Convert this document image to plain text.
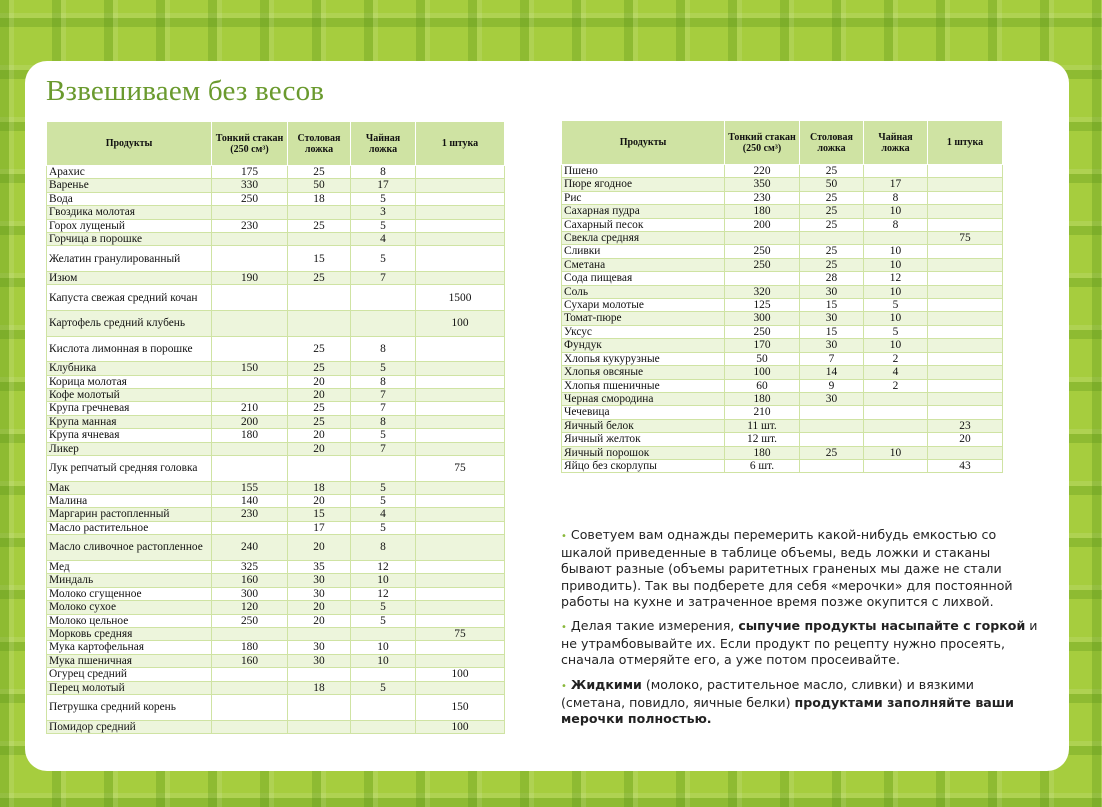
Взвешиваем без весов
Продукты	Тонкий стакан (250 см³)	Столовая ложка	Чайная ложка	1 штука
Арахис	175	25	8	
Варенье	330	50	17	
Вода	250	18	5	
Гвоздика молотая			3	
Горох лущеный	230	25	5	
Горчица в порошке			4	
Желатин гранулированный		15	5	
Изюм	190	25	7	
Капуста свежая средний кочан				1500
Картофель средний клубень				100
Кислота лимонная в порошке		25	8	
Клубника	150	25	5	
Корица молотая		20	8	
Кофе молотый		20	7	
Крупа гречневая	210	25	7	
Крупа манная	200	25	8	
Крупа ячневая	180	20	5	
Ликер		20	7	
Лук репчатый средняя головка				75
Мак	155	18	5	
Малина	140	20	5	
Маргарин растопленный	230	15	4	
Масло растительное		17	5	
Масло сливочное растопленное	240	20	8	
Мед	325	35	12	
Миндаль	160	30	10	
Молоко сгущенное	300	30	12	
Молоко сухое	120	20	5	
Молоко цельное	250	20	5	
Морковь средняя				75
Мука картофельная	180	30	10	
Мука пшеничная	160	30	10	
Огурец средний				100
Перец молотый		18	5	
Петрушка средний корень				150
Помидор средний				100
Продукты	Тонкий стакан (250 см³)	Столовая ложка	Чайная ложка	1 штука
Пшено	220	25		
Пюре ягодное	350	50	17	
Рис	230	25	8	
Сахарная пудра	180	25	10	
Сахарный песок	200	25	8	
Свекла средняя				75
Сливки	250	25	10	
Сметана	250	25	10	
Сода пищевая		28	12	
Соль	320	30	10	
Сухари молотые	125	15	5	
Томат-пюре	300	30	10	
Уксус	250	15	5	
Фундук	170	30	10	
Хлопья кукурузные	50	7	2	
Хлопья овсяные	100	14	4	
Хлопья пшеничные	60	9	2	
Черная смородина	180	30		
Чечевица	210			
Яичный белок	11 шт.			23
Яичный желток	12 шт.			20
Яичный порошок	180	25	10	
Яйцо без скорлупы	6 шт.			43

• Советуем вам однажды перемерить какой-нибудь емкостью со шкалой приведенные в таблице объемы, ведь ложки и стаканы бывают разные (объемы раритетных граненых мы даже не стали приводить). Так вы подберете для себя «мерочки» для постоянной работы на кухне и затраченное время позже окупится с лихвой.

• Делая такие измерения, сыпучие продукты насыпайте с горкой и не утрамбовывайте их. Если продукт по рецепту нужно просеять, сначала отмеряйте его, а уже потом просеивайте.

• Жидкими (молоко, растительное масло, сливки) и вязкими (сметана, повидло, яичные белки) продуктами заполняйте ваши мерочки полностью.
